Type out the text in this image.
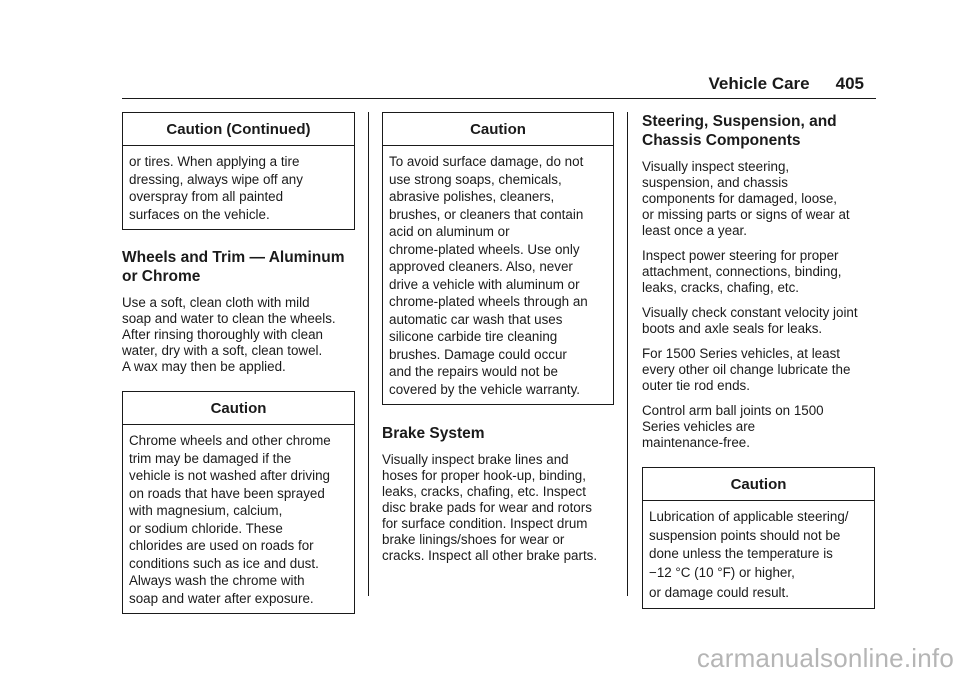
Vehicle Care 405
Caution (Continued)
or tires. When applying a tire
dressing, always wipe off any
overspray from all painted
surfaces on the vehicle.
Wheels and Trim — Aluminum
or Chrome

Use a soft, clean cloth with mild
soap and water to clean the wheels.
After rinsing thoroughly with clean
water, dry with a soft, clean towel.
A wax may then be applied.

Caution
Chrome wheels and other chrome
trim may be damaged if the
vehicle is not washed after driving
on roads that have been sprayed
with magnesium, calcium,
or sodium chloride. These
chlorides are used on roads for
conditions such as ice and dust.
Always wash the chrome with
soap and water after exposure.
Caution
To avoid surface damage, do not
use strong soaps, chemicals,
abrasive polishes, cleaners,
brushes, or cleaners that contain
acid on aluminum or
chrome-plated wheels. Use only
approved cleaners. Also, never
drive a vehicle with aluminum or
chrome-plated wheels through an
automatic car wash that uses
silicone carbide tire cleaning
brushes. Damage could occur
and the repairs would not be
covered by the vehicle warranty.
Brake System

Visually inspect brake lines and
hoses for proper hook-up, binding,
leaks, cracks, chafing, etc. Inspect
disc brake pads for wear and rotors
for surface condition. Inspect drum
brake linings/shoes for wear or
cracks. Inspect all other brake parts.

Steering, Suspension, and
Chassis Components

Visually inspect steering,
suspension, and chassis
components for damaged, loose,
or missing parts or signs of wear at
least once a year.

Inspect power steering for proper
attachment, connections, binding,
leaks, cracks, chafing, etc.

Visually check constant velocity joint
boots and axle seals for leaks.

For 1500 Series vehicles, at least
every other oil change lubricate the
outer tie rod ends.

Control arm ball joints on 1500
Series vehicles are
maintenance-free.

Caution
Lubrication of applicable steering/
suspension points should not be
done unless the temperature is
−12 °C (10 °F) or higher,
or damage could result.
carmanualsonline.info
